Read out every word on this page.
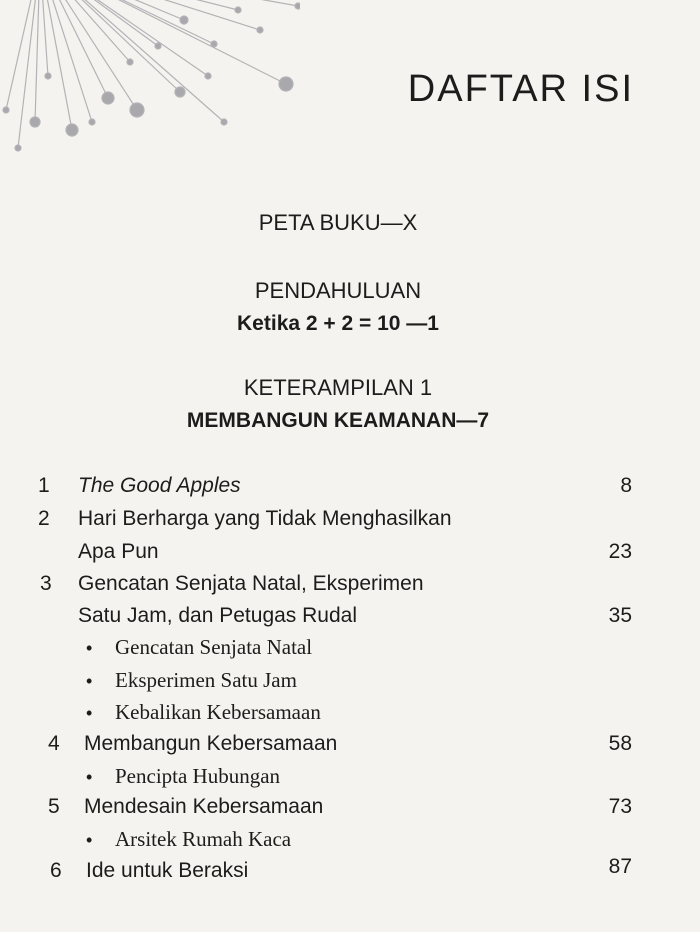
DAFTAR ISI
PETA BUKU—X
PENDAHULUAN
Ketika 2 + 2 = 10 —1
KETERAMPILAN 1
MEMBANGUN KEAMANAN—7
1 The Good Apples	8
2 Hari Berharga yang Tidak Menghasilkan
Apa Pun	23
3 Gencatan Senjata Natal, Eksperimen
Satu Jam, dan Petugas Rudal	35
• Gencatan Senjata Natal
• Eksperimen Satu Jam
• Kebalikan Kebersamaan
4 Membangun Kebersamaan	58
• Pencipta Hubungan
5 Mendesain Kebersamaan	73
• Arsitek Rumah Kaca
6 Ide untuk Beraksi	87
